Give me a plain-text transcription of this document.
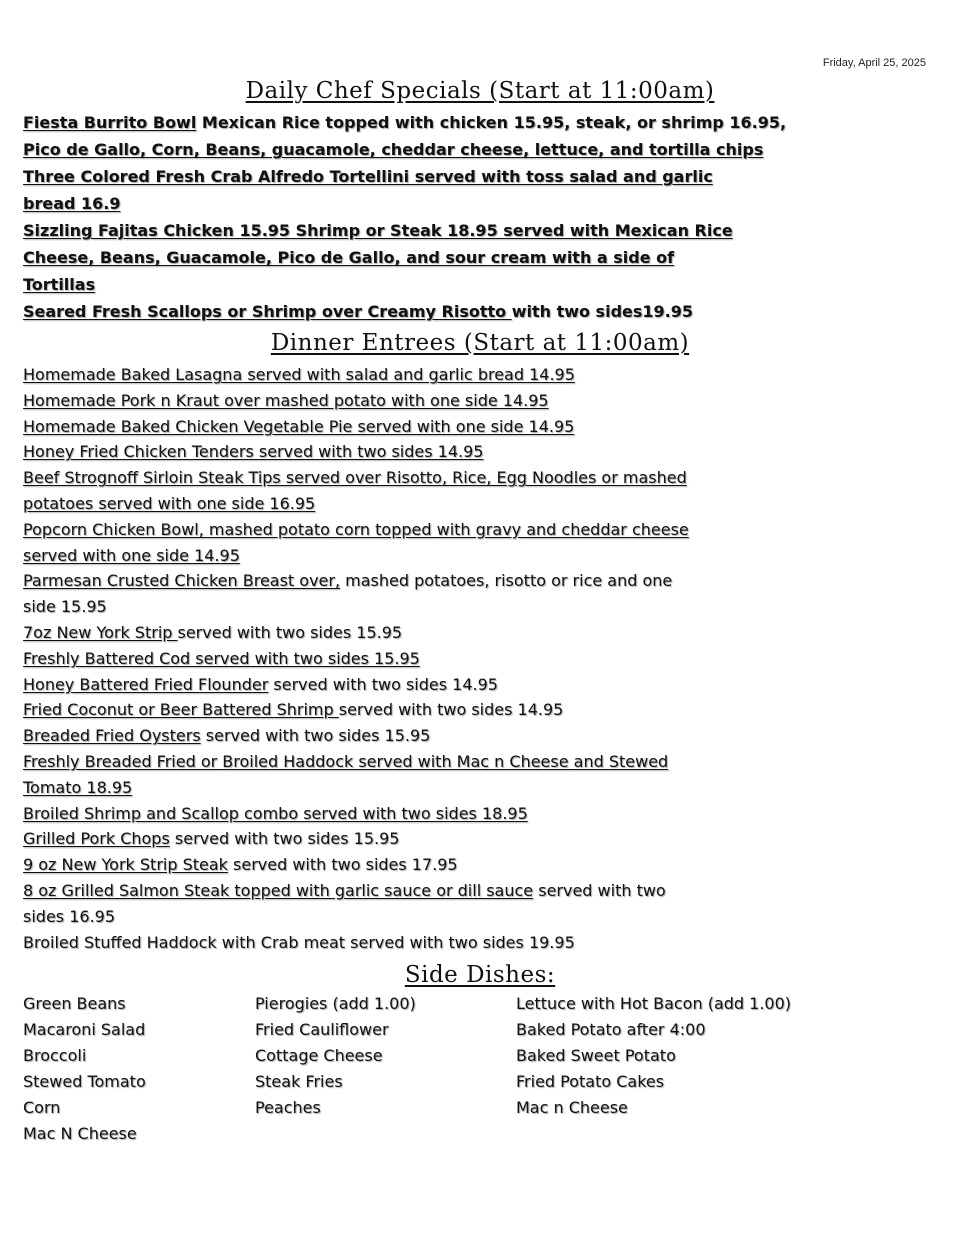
Friday, April 25, 2025
Daily Chef Specials (Start at 11:00am)
Fiesta Burrito Bowl Mexican Rice topped with chicken 15.95, steak, or shrimp 16.95,
Pico de Gallo, Corn, Beans, guacamole, cheddar cheese, lettuce, and tortilla chips
Three Colored Fresh Crab Alfredo Tortellini served with toss salad and garlic
bread 16.9
Sizzling Fajitas Chicken 15.95 Shrimp or Steak 18.95 served with Mexican Rice
Cheese, Beans, Guacamole, Pico de Gallo, and sour cream with a side of
Tortillas
Seared Fresh Scallops or Shrimp over Creamy Risotto with two sides19.95
Dinner Entrees (Start at 11:00am)
Homemade Baked Lasagna served with salad and garlic bread 14.95
Homemade Pork n Kraut over mashed potato with one side 14.95
Homemade Baked Chicken Vegetable Pie served with one side 14.95
Honey Fried Chicken Tenders served with two sides 14.95
Beef Strognoff Sirloin Steak Tips served over Risotto, Rice, Egg Noodles or mashed
potatoes served with one side 16.95
Popcorn Chicken Bowl, mashed potato corn topped with gravy and cheddar cheese
served with one side 14.95
Parmesan Crusted Chicken Breast over, mashed potatoes, risotto or rice and one
side 15.95
7oz New York Strip served with two sides 15.95
Freshly Battered Cod served with two sides 15.95
Honey Battered Fried Flounder served with two sides 14.95
Fried Coconut or Beer Battered Shrimp served with two sides 14.95
Breaded Fried Oysters served with two sides 15.95
Freshly Breaded Fried or Broiled Haddock served with Mac n Cheese and Stewed
Tomato 18.95
Broiled Shrimp and Scallop combo served with two sides 18.95
Grilled Pork Chops served with two sides 15.95
9 oz New York Strip Steak served with two sides 17.95
8 oz Grilled Salmon Steak topped with garlic sauce or dill sauce served with two
sides 16.95
Broiled Stuffed Haddock with Crab meat served with two sides 19.95
Side Dishes:
Green Beans
Macaroni Salad
Broccoli
Stewed Tomato
Corn
Mac N Cheese
Pierogies (add 1.00)
Fried Cauliflower
Cottage Cheese
Steak Fries
Peaches
Lettuce with Hot Bacon (add 1.00)
Baked Potato after 4:00
Baked Sweet Potato
Fried Potato Cakes
Mac n Cheese
